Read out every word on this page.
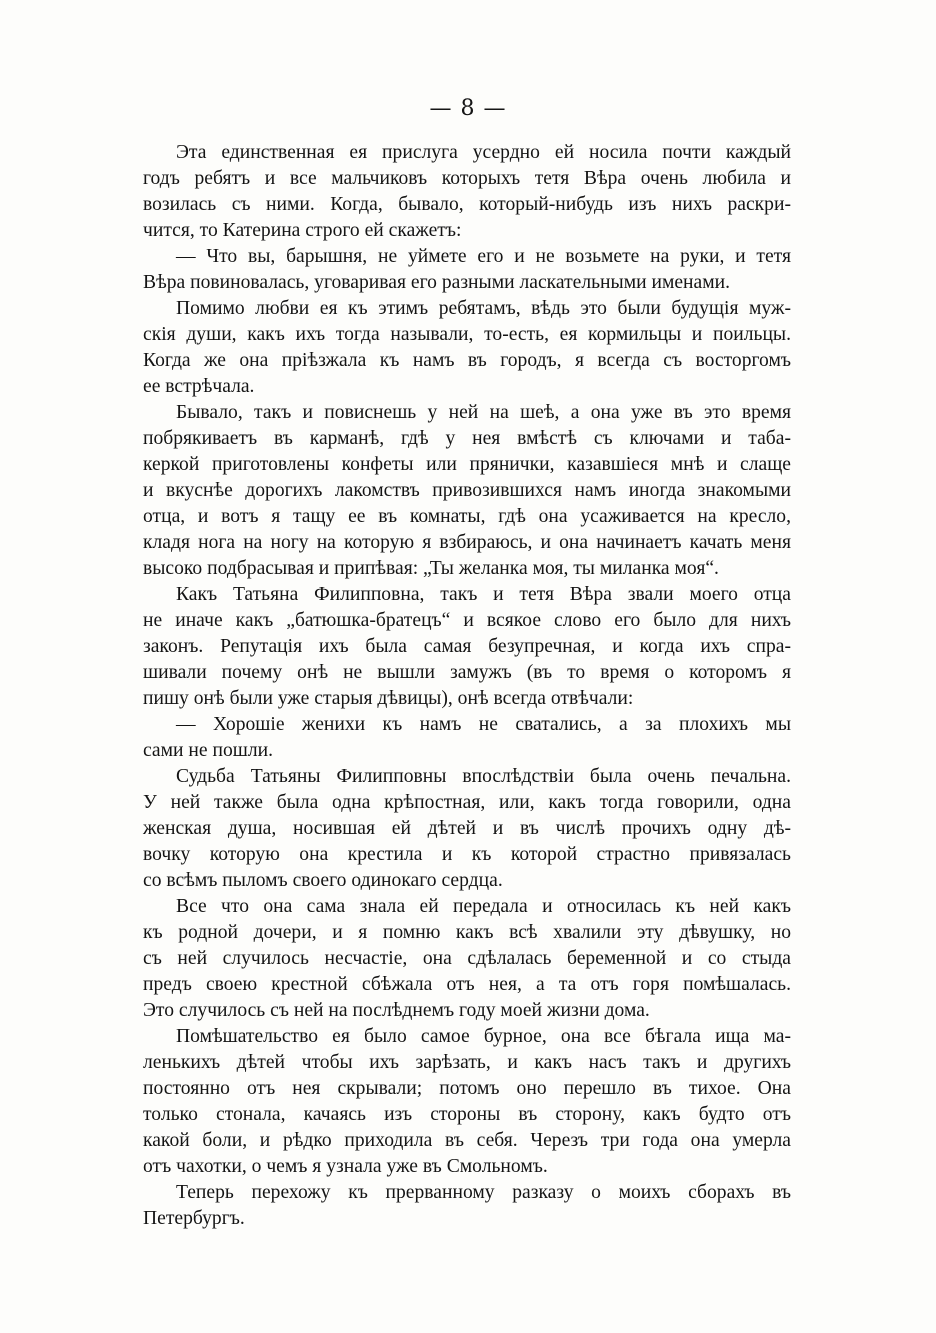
— 8 —
Эта единственная ея прислуга усердно ей носила почти каждый
годъ ребятъ и все мальчиковъ которыхъ тетя Вѣра очень любила и
возилась съ ними. Когда, бывало, который-нибудь изъ нихъ раскри-
чится, то Катерина строго ей скажетъ:
— Что вы, барышня, не уйметe его и не возьмете на руки, и тетя
Вѣра повиновалась, уговаривая его разными ласкательными именами.
Помимо любви ея къ этимъ ребятамъ, вѣдь это были будущія муж-
скія души, какъ ихъ тогда называли, то-есть, ея кормильцы и поильцы.
Когда же она пріѣзжала къ намъ въ городъ, я всегда съ восторгомъ
ее встрѣчала.
Бывало, такъ и повиснешь у ней на шеѣ, а она уже въ это время
побрякиваетъ въ карманѣ, гдѣ у нея вмѣстѣ съ ключами и таба-
керкой приготовлены конфеты или прянички, казавшіеся мнѣ и слаще
и вкуснѣе дорогихъ лакомствъ привозившихся намъ иногда знакомыми
отца, и вотъ я тащу ее въ комнаты, гдѣ она усаживается на кресло,
кладя ногa на ногу на которую я взбираюсь, и она начинаетъ качать меня
высоко подбрасывая и припѣвая: „Ты желанка моя, ты миланка моя“.
Какъ Татьяна Филипповна, такъ и тетя Вѣра звали моего отца
не иначе какъ „батюшка-братецъ“ и всякое слово его было для нихъ
законъ. Репутація ихъ была самая безупречная, и когда ихъ спра-
шивали почему онѣ не вышли замужъ (въ то время о которомъ я
пишу онѣ были уже старыя дѣвицы), онѣ всегда отвѣчали:
— Хорошіе женихи къ намъ не сватались, а за плохихъ мы
сами не пошли.
Судьба Татьяны Филипповны впослѣдствіи была очень печальна.
У ней также была одна крѣпостная, или, какъ тогда говорили, одна
женская душа, носившая ей дѣтей и въ числѣ прочихъ одну дѣ-
вочку которую она крестила и къ которой страстно привязалась
со всѣмъ пыломъ своего одинокаго сердца.
Все что она сама знала ей передала и относилась къ ней какъ
къ родной дочери, и я помню какъ всѣ хвалили эту дѣвушку, но
съ ней случилось несчастіе, она сдѣлалась беременной и со стыда
предъ своею крестной сбѣжала отъ нея, а та отъ горя помѣшалась.
Это случилось съ ней на послѣднемъ году моей жизни дома.
Помѣшательство ея было самое бурное, она все бѣгала ища ма-
ленькихъ дѣтей чтобы ихъ зарѣзать, и какъ насъ такъ и другихъ
постоянно отъ нея скрывали; потомъ оно перешло въ тихое. Она
только стонала, качаясь изъ стороны въ сторону, какъ будто отъ
какой боли, и рѣдко приходила въ себя. Черезъ три года она умерла
отъ чахотки, о чемъ я узнала уже въ Смольномъ.
Теперь перехожу къ прерванному разказу о моихъ сборахъ въ
Петербургъ.
